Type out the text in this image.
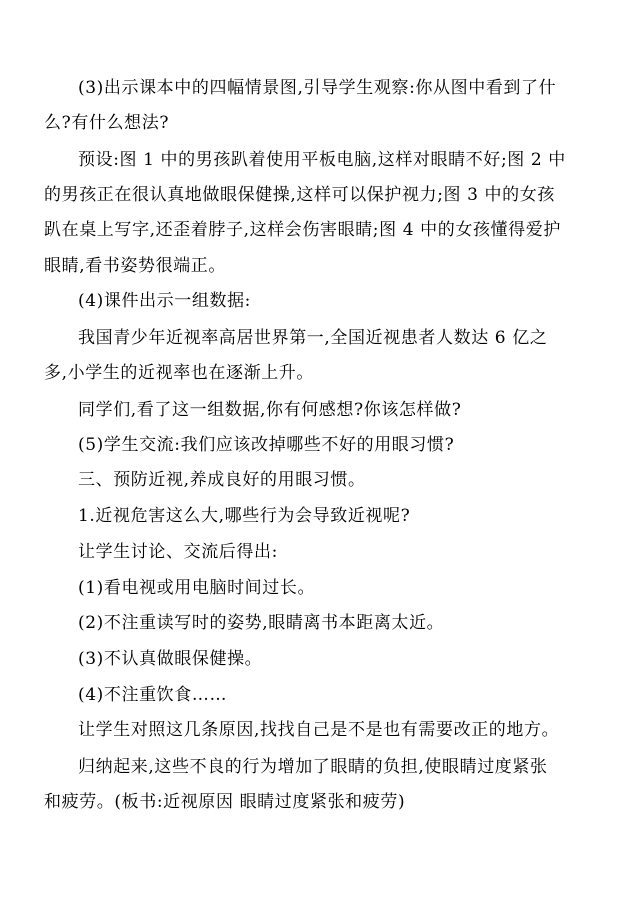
(3)出示课本中的四幅情景图,引导学生观察:你从图中看到了什
么?有什么想法?
预设:图 1 中的男孩趴着使用平板电脑,这样对眼睛不好;图 2 中
的男孩正在很认真地做眼保健操,这样可以保护视力;图 3 中的女孩
趴在桌上写字,还歪着脖子,这样会伤害眼睛;图 4 中的女孩懂得爱护
眼睛,看书姿势很端正。
(4)课件出示一组数据:
我国青少年近视率高居世界第一,全国近视患者人数达 6 亿之
多,小学生的近视率也在逐渐上升。
同学们,看了这一组数据,你有何感想?你该怎样做?
(5)学生交流:我们应该改掉哪些不好的用眼习惯?
三、预防近视,养成良好的用眼习惯。
1.近视危害这么大,哪些行为会导致近视呢?
让学生讨论、交流后得出:
(1)看电视或用电脑时间过长。
(2)不注重读写时的姿势,眼睛离书本距离太近。
(3)不认真做眼保健操。
(4)不注重饮食……
让学生对照这几条原因,找找自己是不是也有需要改正的地方。
归纳起来,这些不良的行为增加了眼睛的负担,使眼睛过度紧张
和疲劳。(板书:近视原因 眼睛过度紧张和疲劳)
